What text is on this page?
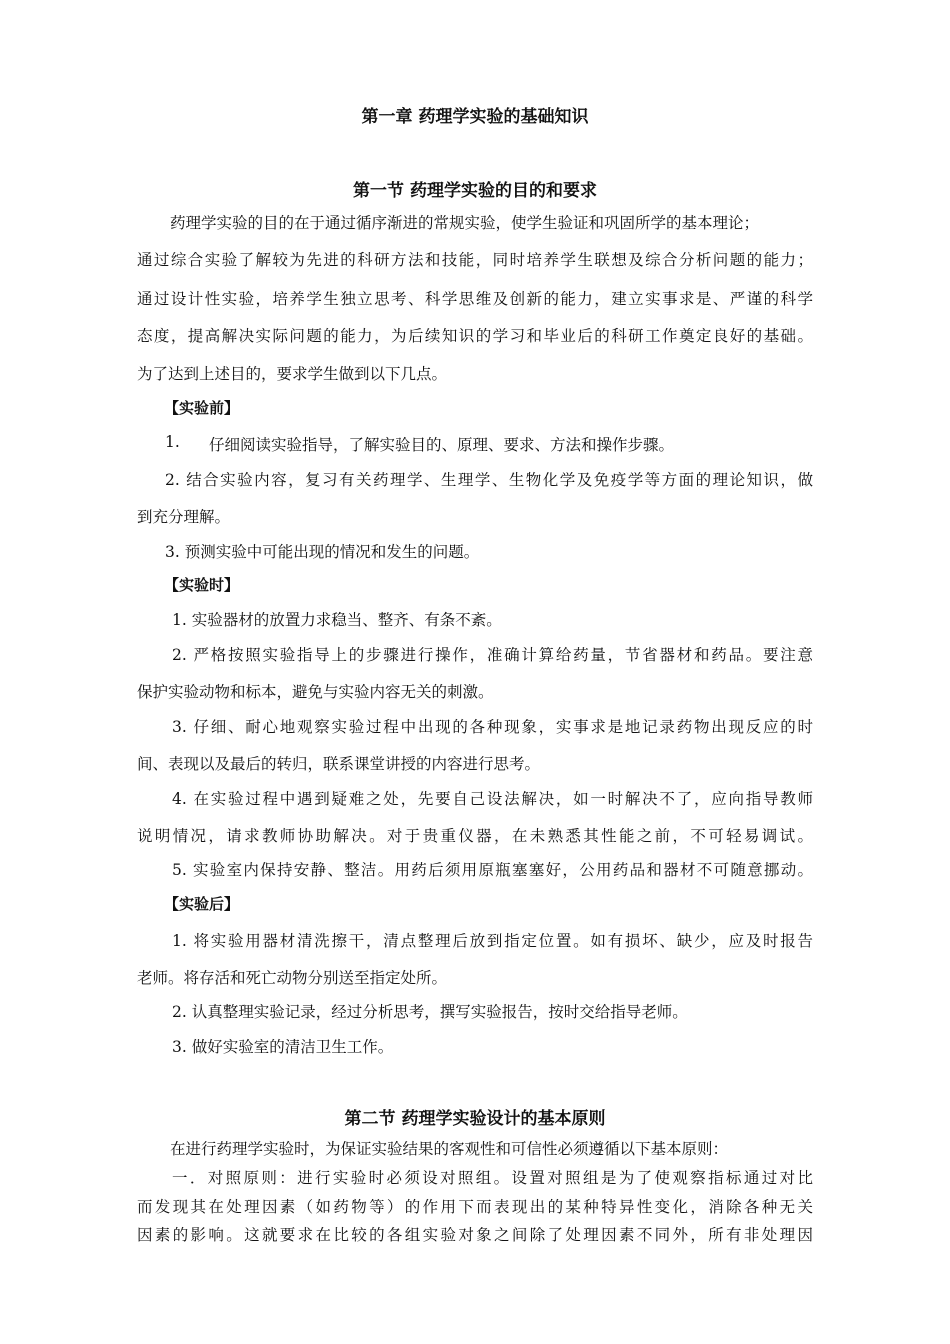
第一章 药理学实验的基础知识
第一节 药理学实验的目的和要求
药理学实验的目的在于通过循序渐进的常规实验，使学生验证和巩固所学的基本理论；
通过综合实验了解较为先进的科研方法和技能，同时培养学生联想及综合分析问题的能力；
通过设计性实验，培养学生独立思考、科学思维及创新的能力，建立实事求是、严谨的科学
态度，提高解决实际问题的能力，为后续知识的学习和毕业后的科研工作奠定良好的基础。
为了达到上述目的，要求学生做到以下几点。
【实验前】
1. 仔细阅读实验指导，了解实验目的、原理、要求、方法和操作步骤。
2. 结合实验内容，复习有关药理学、生理学、生物化学及免疫学等方面的理论知识，做
到充分理解。
3. 预测实验中可能出现的情况和发生的问题。
【实验时】
1. 实验器材的放置力求稳当、整齐、有条不紊。
2. 严格按照实验指导上的步骤进行操作，准确计算给药量，节省器材和药品。要注意
保护实验动物和标本，避免与实验内容无关的刺激。
3. 仔细、耐心地观察实验过程中出现的各种现象，实事求是地记录药物出现反应的时
间、表现以及最后的转归，联系课堂讲授的内容进行思考。
4. 在实验过程中遇到疑难之处，先要自己设法解决，如一时解决不了，应向指导教师
说明情况，请求教师协助解决。对于贵重仪器，在未熟悉其性能之前，不可轻易调试。
5. 实验室内保持安静、整洁。用药后须用原瓶塞塞好，公用药品和器材不可随意挪动。
【实验后】
1. 将实验用器材清洗擦干，清点整理后放到指定位置。如有损坏、缺少，应及时报告
老师。将存活和死亡动物分别送至指定处所。
2. 认真整理实验记录，经过分析思考，撰写实验报告，按时交给指导老师。
3. 做好实验室的清洁卫生工作。
第二节 药理学实验设计的基本原则
在进行药理学实验时，为保证实验结果的客观性和可信性必须遵循以下基本原则：
一．对照原则：进行实验时必须设对照组。设置对照组是为了使观察指标通过对比
而发现其在处理因素（如药物等）的作用下而表现出的某种特异性变化，消除各种无关
因素的影响。这就要求在比较的各组实验对象之间除了处理因素不同外，所有非处理因
